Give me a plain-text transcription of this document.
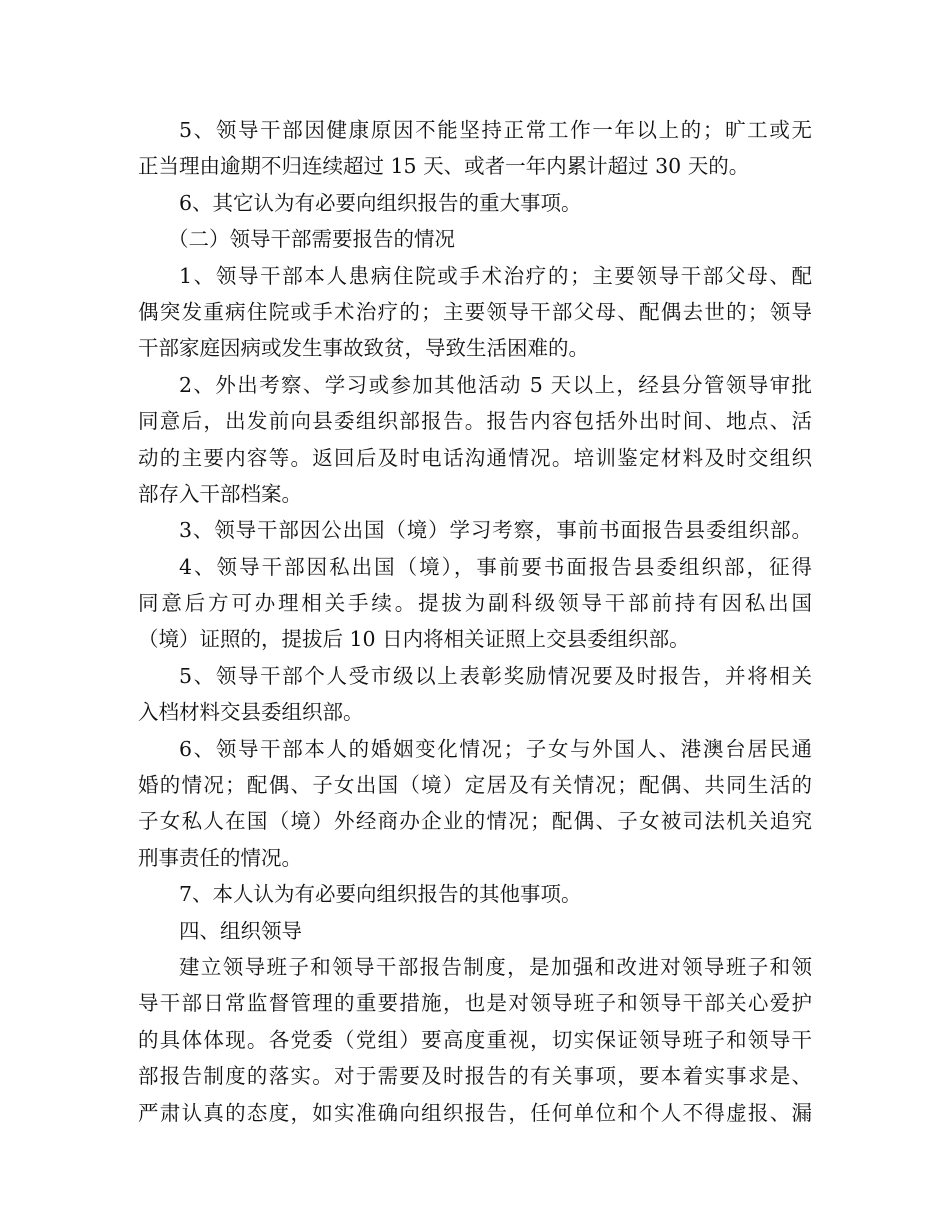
5、领导干部因健康原因不能坚持正常工作一年以上的；旷工或无
正当理由逾期不归连续超过 15 天、或者一年内累计超过 30 天的。
6、其它认为有必要向组织报告的重大事项。
（二）领导干部需要报告的情况
1、领导干部本人患病住院或手术治疗的；主要领导干部父母、配
偶突发重病住院或手术治疗的；主要领导干部父母、配偶去世的；领导
干部家庭因病或发生事故致贫，导致生活困难的。
2、外出考察、学习或参加其他活动 5 天以上，经县分管领导审批
同意后，出发前向县委组织部报告。报告内容包括外出时间、地点、活
动的主要内容等。返回后及时电话沟通情况。培训鉴定材料及时交组织
部存入干部档案。
3、领导干部因公出国（境）学习考察，事前书面报告县委组织部。
4、领导干部因私出国（境），事前要书面报告县委组织部，征得
同意后方可办理相关手续。提拔为副科级领导干部前持有因私出国
（境）证照的，提拔后 10 日内将相关证照上交县委组织部。
5、领导干部个人受市级以上表彰奖励情况要及时报告，并将相关
入档材料交县委组织部。
6、领导干部本人的婚姻变化情况；子女与外国人、港澳台居民通
婚的情况；配偶、子女出国（境）定居及有关情况；配偶、共同生活的
子女私人在国（境）外经商办企业的情况；配偶、子女被司法机关追究
刑事责任的情况。
7、本人认为有必要向组织报告的其他事项。
四、组织领导
建立领导班子和领导干部报告制度，是加强和改进对领导班子和领
导干部日常监督管理的重要措施，也是对领导班子和领导干部关心爱护
的具体体现。各党委（党组）要高度重视，切实保证领导班子和领导干
部报告制度的落实。对于需要及时报告的有关事项，要本着实事求是、
严肃认真的态度，如实准确向组织报告，任何单位和个人不得虚报、漏
